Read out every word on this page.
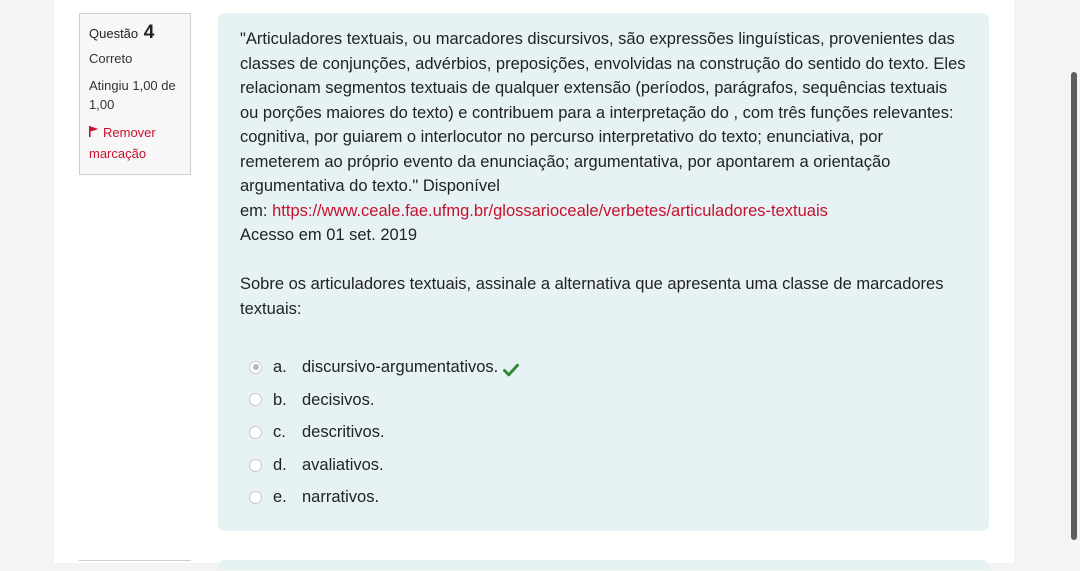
Questão 4
Correto
Atingiu 1,00 de 1,00
Remover marcação

"Articuladores textuais, ou marcadores discursivos, são expressões linguísticas, provenientes das classes de conjunções, advérbios, preposições, envolvidas na construção do sentido do texto. Eles relacionam segmentos textuais de qualquer extensão (períodos, parágrafos, sequências textuais ou porções maiores do texto) e contribuem para a interpretação do , com três funções relevantes: cognitiva, por guiarem o interlocutor no percurso interpretativo do texto; enunciativa, por remeterem ao próprio evento da enunciação; argumentativa, por apontarem a orientação argumentativa do texto." Disponível
em: https://www.ceale.fae.ufmg.br/glossarioceale/verbetes/articuladores-textuais
Acesso em 01 set. 2019

Sobre os articuladores textuais, assinale a alternativa que apresenta uma classe de marcadores textuais:

a. discursivo-argumentativos.
b. decisivos.
c. descritivos.
d. avaliativos.
e. narrativos.
